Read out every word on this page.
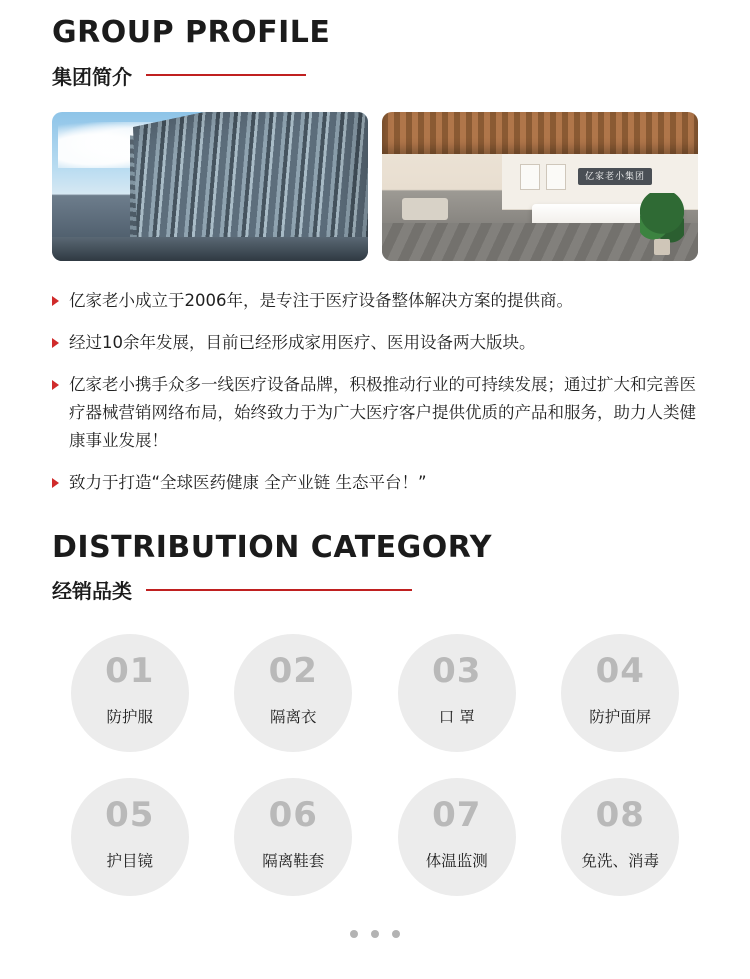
GROUP PROFILE
集团简介
亿家老小集团
亿家老小成立于2006年，是专注于医疗设备整体解决方案的提供商。
经过10余年发展，目前已经形成家用医疗、医用设备两大版块。
亿家老小携手众多一线医疗设备品牌，积极推动行业的可持续发展；通过扩大和完善医疗器械营销网络布局，始终致力于为广大医疗客户提供优质的产品和服务，助力人类健康事业发展！
致力于打造“全球医药健康 全产业链 生态平台！”
DISTRIBUTION CATEGORY
经销品类
01
防护服
02
隔离衣
03
口 罩
04
防护面屏
05
护目镜
06
隔离鞋套
07
体温监测
08
免洗、消毒
